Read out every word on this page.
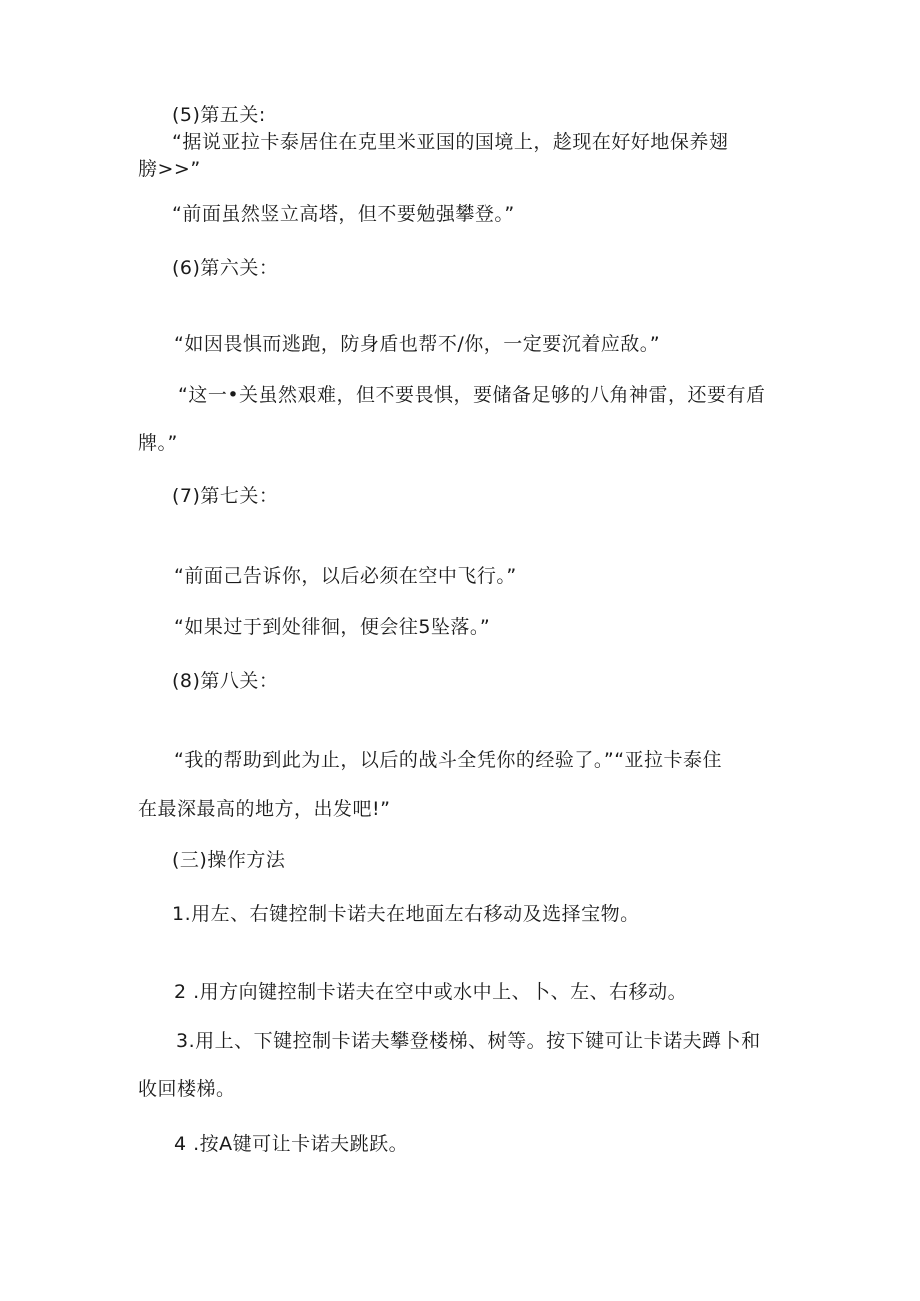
(5)第五关:
“据说亚拉卡泰居住在克里米亚国的国境上，趁现在好好地保养翅
膀>>”
“前面虽然竖立高塔，但不要勉强攀登。”
(6)第六关：
“如因畏惧而逃跑，防身盾也帮不/你，一定要沉着应敌。”
“这一•关虽然艰难，但不要畏惧，要储备足够的八角神雷，还要有盾
牌。”
(7)第七关：
“前面己告诉你，以后必须在空中飞行。”
“如果过于到处徘徊，便会往5坠落。”
(8)第八关：
“我的帮助到此为止，以后的战斗全凭你的经验了。”“亚拉卡泰住
在最深最高的地方，出发吧!”
(三)操作方法
1.用左、右键控制卡诺夫在地面左右移动及选择宝物。
2 .用方向键控制卡诺夫在空中或水中上、卜、左、右移动。
3.用上、下键控制卡诺夫攀登楼梯、树等。按下键可让卡诺夫蹲卜和
收回楼梯。
4 .按A键可让卡诺夫跳跃。
